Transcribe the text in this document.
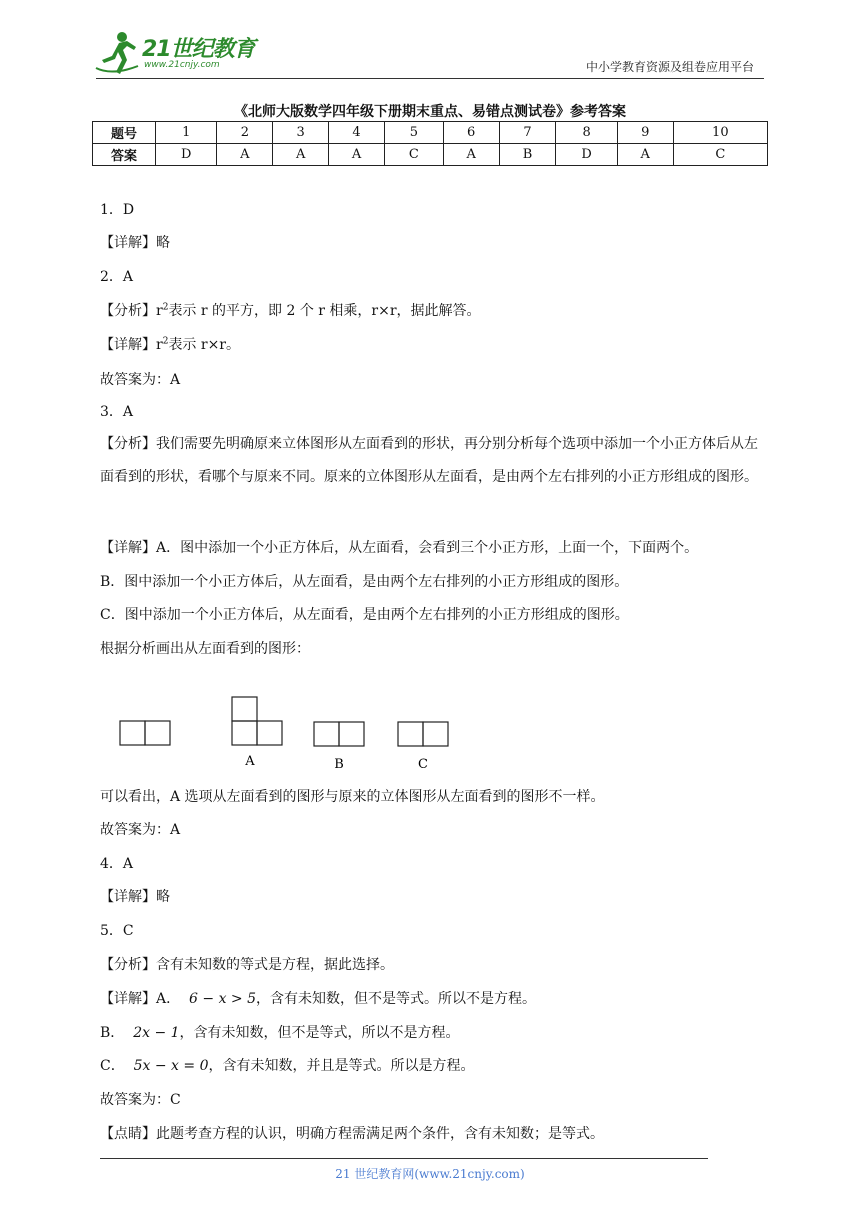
21世纪教育
www.21cnjy.com	中小学教育资源及组卷应用平台
《北师大版数学四年级下册期末重点、易错点测试卷》参考答案
题号	1	2	3	4	5	6	7	8	9	10
答案	D	A	A	A	C	A	B	D	A	C
1．D
【详解】略
2．A
【分析】$r^2$表示 r 的平方，即 2 个 r 相乘，r×r，据此解答。
【详解】$r^2$表示 r×r。
故答案为：A
3．A
【分析】我们需要先明确原来立体图形从左面看到的形状，再分别分析每个选项中添加一个小正方体后从左面看到的形状，看哪个与原来不同。原来的立体图形从左面看，是由两个左右排列的小正方形组成的图形。
【详解】A．图中添加一个小正方体后，从左面看，会看到三个小正方形，上面一个，下面两个。
B．图中添加一个小正方体后，从左面看，是由两个左右排列的小正方形组成的图形。
C．图中添加一个小正方体后，从左面看，是由两个左右排列的小正方形组成的图形。
根据分析画出从左面看到的图形：
A	B	C
可以看出，A 选项从左面看到的图形与原来的立体图形从左面看到的图形不一样。
故答案为：A
4．A
【详解】略
5．C
【分析】含有未知数的等式是方程，据此选择。
【详解】A． 6 − x > 5，含有未知数，但不是等式。所以不是方程。
B． 2x − 1，含有未知数，但不是等式，所以不是方程。
C． 5x − x = 0，含有未知数，并且是等式。所以是方程。
故答案为：C
【点睛】此题考查方程的认识，明确方程需满足两个条件，含有未知数；是等式。
21 世纪教育网(www.21cnjy.com)
